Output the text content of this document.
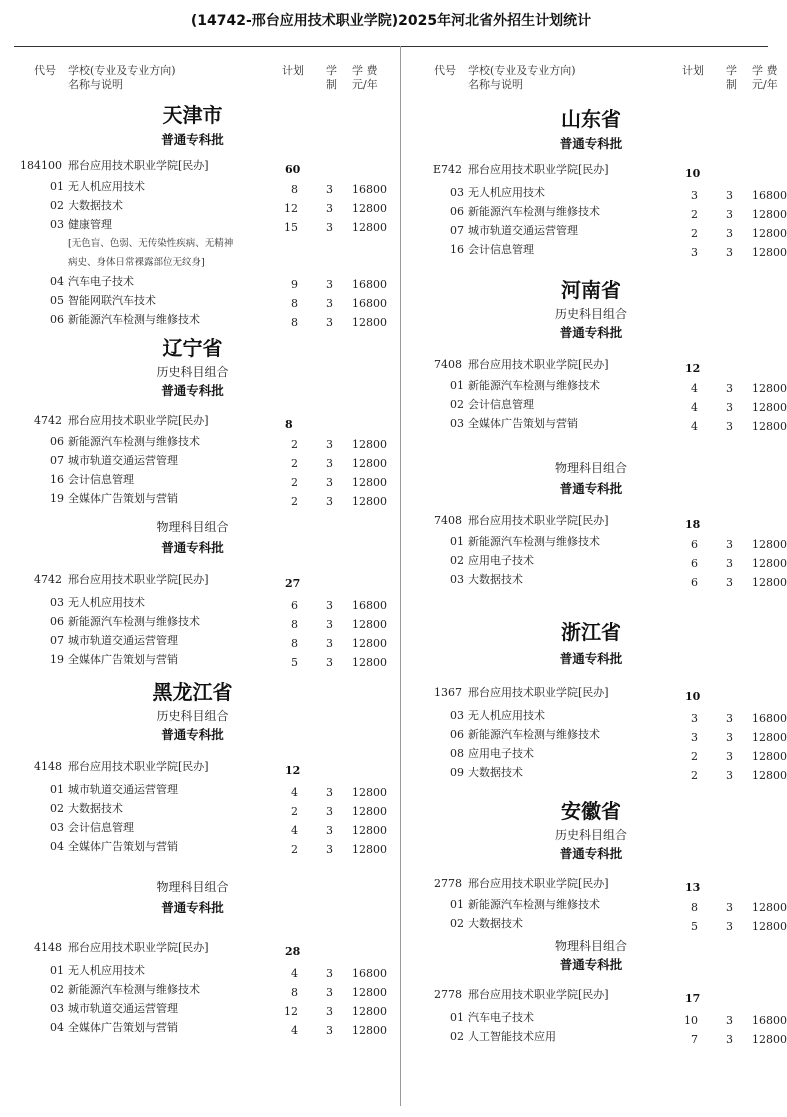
(14742-邢台应用技术职业学院)2025年河北省外招生计划统计
代号 学校(专业及专业方向)
名称与说明
计划 学
制
学 费
元/年
天津市
普通专科批
184100 邢台应用技术职业学院[民办]	60
01 无人机应用技术	8	3 16800
02 大数据技术	12	3 12800
03 健康管理	15	3 12800
[无色盲、色弱、无传染性疾病、无精神
病史、身体日常裸露部位无纹身]
04 汽车电子技术	9	3 16800
05 智能网联汽车技术	8	3 16800
06 新能源汽车检测与维修技术	8	3 12800
辽宁省
历史科目组合
普通专科批
4742 邢台应用技术职业学院[民办]	8
06 新能源汽车检测与维修技术	2	3 12800
07 城市轨道交通运营管理	2	3 12800
16 会计信息管理	2	3 12800
19 全媒体广告策划与营销	2	3 12800
物理科目组合
普通专科批
4742 邢台应用技术职业学院[民办]	27
03 无人机应用技术	6	3 16800
06 新能源汽车检测与维修技术	8	3 12800
07 城市轨道交通运营管理	8	3 12800
19 全媒体广告策划与营销	5	3 12800
黑龙江省
历史科目组合
普通专科批
4148 邢台应用技术职业学院[民办]	12
01 城市轨道交通运营管理	4	3 12800
02 大数据技术	2	3 12800
03 会计信息管理	4	3 12800
04 全媒体广告策划与营销	2	3 12800
物理科目组合
普通专科批
4148 邢台应用技术职业学院[民办]	28
01 无人机应用技术	4	3 16800
02 新能源汽车检测与维修技术	8	3 12800
03 城市轨道交通运营管理	12	3 12800
04 全媒体广告策划与营销	4	3 12800
代号 学校(专业及专业方向)
名称与说明
计划 学
制
学 费
元/年
山东省
普通专科批
E742 邢台应用技术职业学院[民办]	10
03 无人机应用技术	3	3 16800
06 新能源汽车检测与维修技术	2	3 12800
07 城市轨道交通运营管理	2	3 12800
16 会计信息管理	3	3 12800
河南省
历史科目组合
普通专科批
7408 邢台应用技术职业学院[民办]	12
01 新能源汽车检测与维修技术	4	3 12800
02 会计信息管理	4	3 12800
03 全媒体广告策划与营销	4	3 12800
物理科目组合
普通专科批
7408 邢台应用技术职业学院[民办]	18
01 新能源汽车检测与维修技术	6	3 12800
02 应用电子技术	6	3 12800
03 大数据技术	6	3 12800
浙江省
普通专科批
1367 邢台应用技术职业学院[民办]	10
03 无人机应用技术	3	3 16800
06 新能源汽车检测与维修技术	3	3 12800
08 应用电子技术	2	3 12800
09 大数据技术	2	3 12800
安徽省
历史科目组合
普通专科批
2778 邢台应用技术职业学院[民办]	13
01 新能源汽车检测与维修技术	8	3 12800
02 大数据技术	5	3 12800
物理科目组合
普通专科批
2778 邢台应用技术职业学院[民办]	17
01 汽车电子技术	10	3 16800
02 人工智能技术应用	7	3 12800
